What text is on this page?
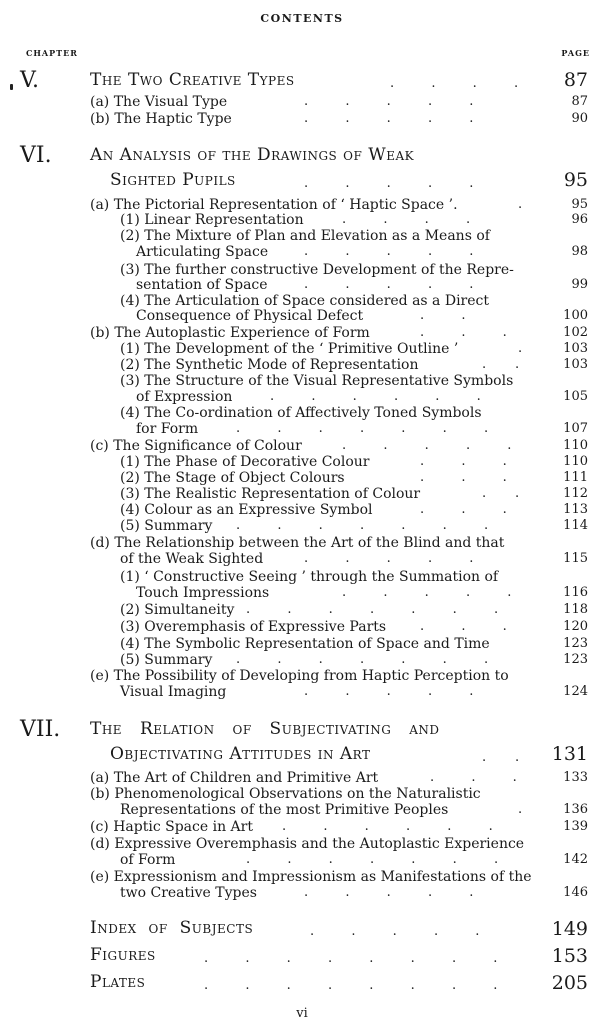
CONTENTS
CHAPTER	PAGE
V.	The Two Creative Types	.         .         .         . 87
(a) The Visual Type	.         .         .         .         .	87
(b) The Haptic Type	.         .         .         .         .	90
VI. An Analysis of the Drawings of Weak
Sighted Pupils	.         .         .         .         .	95
(a) The Pictorial Representation of ‘ Haptic Space ’.	.	95
(1) Linear Representation	.         .         .         .	96
(2) The Mixture of Plan and Elevation as a Means of
Articulating Space	.         .         .         .         .	98
(3) The further constructive Development of the Repre-
sentation of Space	.         .         .         .         .	99
(4) The Articulation of Space considered as a Direct
Consequence of Physical Defect	.         .	100
(b) The Autoplastic Experience of Form	.         .         .	102
(1) The Development of the ‘ Primitive Outline ’	.	103
(2) The Synthetic Mode of Representation	.       .	103
(3) The Structure of the Visual Representative Symbols
of Expression	.         .         .         .         .         .	105
(4) The Co-ordination of Affectively Toned Symbols
for Form	.         .         .         .         .         .         .	107
(c) The Significance of Colour	.         .         .         .         .	110
(1) The Phase of Decorative Colour	.         .         .	110
(2) The Stage of Object Colours	.         .         .	111
(3) The Realistic Representation of Colour	.       .	112
(4) Colour as an Expressive Symbol	.         .         .	113
(5) Summary .         .         .         .         .         .         .	114
(d) The Relationship between the Art of the Blind and that
of the Weak Sighted	.         .         .         .         .	115
(1) ‘ Constructive Seeing ’ through the Summation of
Touch Impressions	.         .         .         .         .	116
(2) Simultaneity .         .         .         .         .         .         .	118
(3) Overemphasis of Expressive Parts	.         .         .	120
(4) The Symbolic Representation of Space and Time	123
(5) Summary .         .         .         .         .         .         .	123
(e) The Possibility of Developing from Haptic Perception to
Visual Imaging	.         .         .         .         .	124
VII. The Relation of Subjectivating and
Objectivating Attitudes in Art	.       . 131
(a) The Art of Children and Primitive Art	.         .         .	133
(b) Phenomenological Observations on the Naturalistic
Representations of the most Primitive Peoples	.	136
(c) Haptic Space in Art .         .         .         .         .         .	139
(d) Expressive Overemphasis and the Autoplastic Experience
of Form	.         .         .         .         .         .         .	142
(e) Expressionism and Impressionism as Manifestations of the
two Creative Types	.         .         .         .         .	146
Index of Subjects	.         .         .         .         .	149
Figures	.         .         .         .         .         .         .         .	153
Plates	.         .         .         .         .         .         .         .	205
vi
